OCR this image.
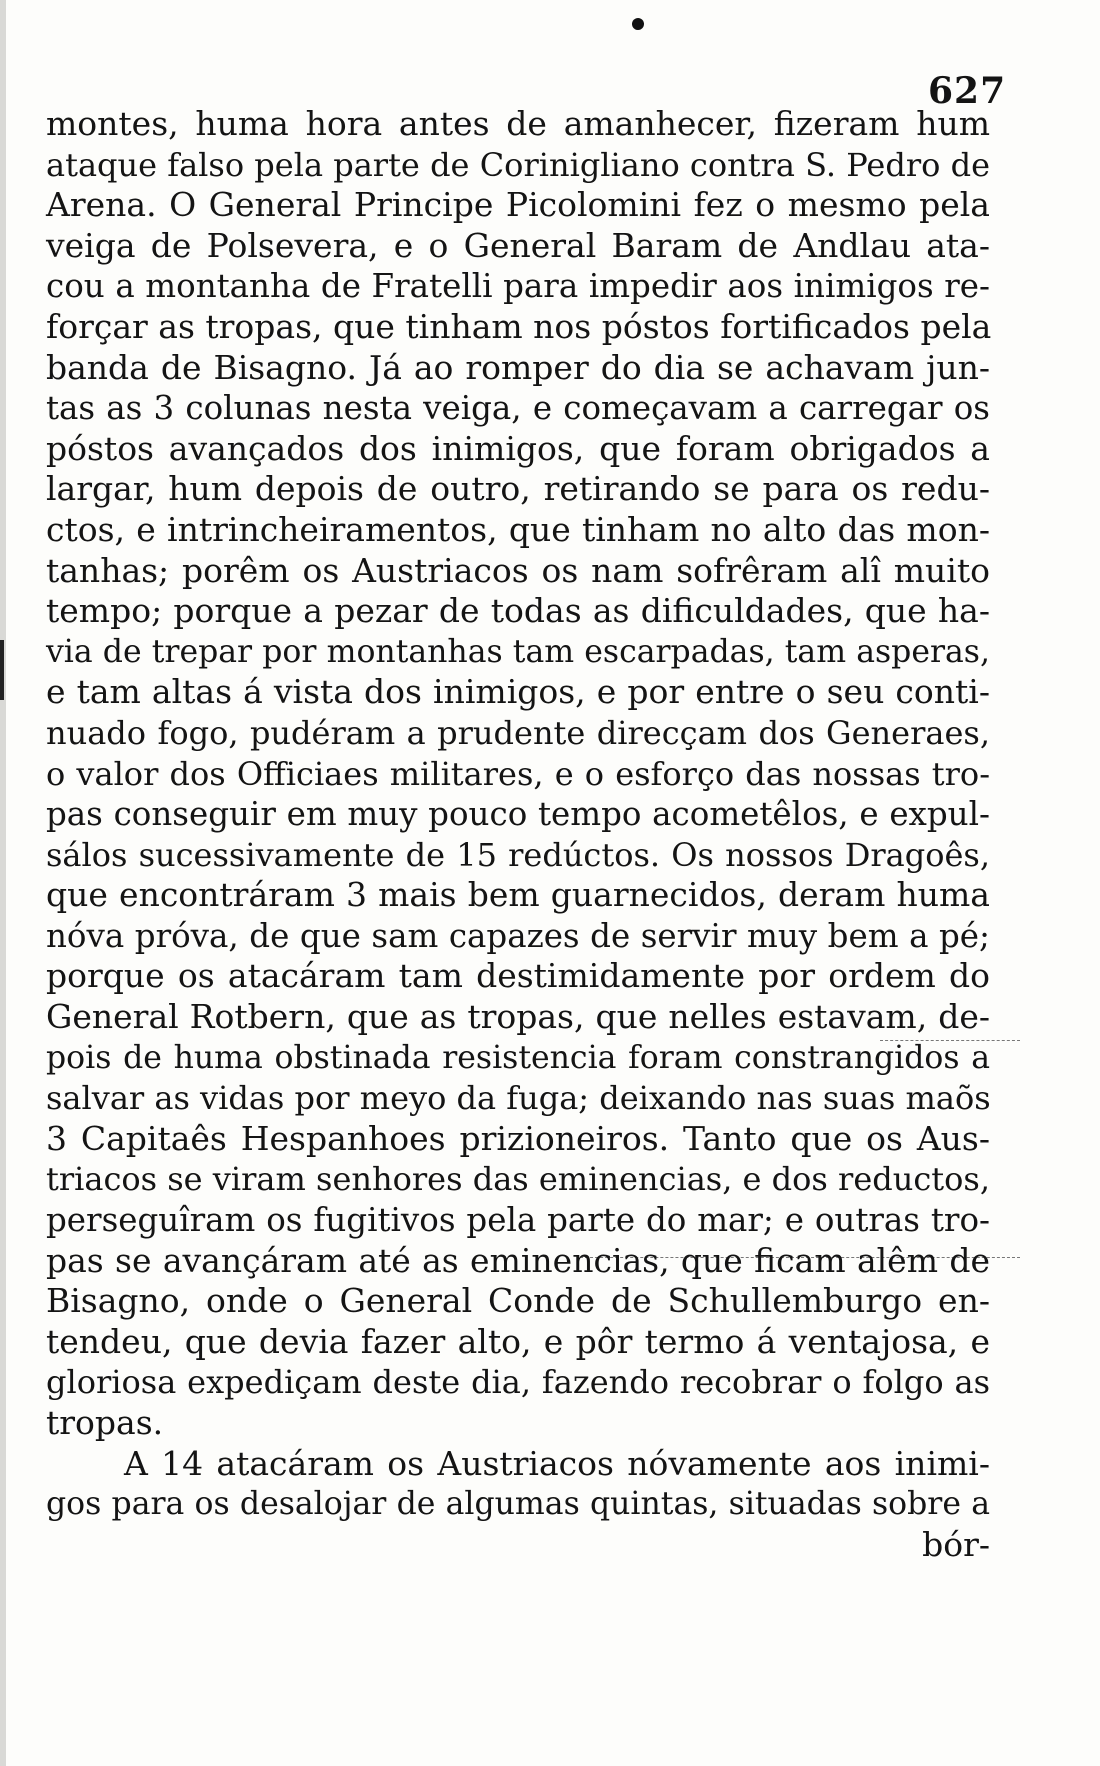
627
montes, huma hora antes de amanhecer, fizeram hum
ataque falso pela parte de Corinigliano contra S. Pedro de
Arena. O General Principe Picolomini fez o mesmo pela
veiga de Polsevera, e o General Baram de Andlau ata-
cou a montanha de Fratelli para impedir aos inimigos re-
forçar as tropas, que tinham nos póstos fortificados pela
banda de Bisagno. Já ao romper do dia se achavam jun-
tas as 3 colunas nesta veiga, e começavam a carregar os
póstos avançados dos inimigos, que foram obrigados a
largar, hum depois de outro, retirando se para os redu-
ctos, e intrincheiramentos, que tinham no alto das mon-
tanhas; porêm os Austriacos os nam sofrêram alî muito
tempo; porque a pezar de todas as dificuldades, que ha-
via de trepar por montanhas tam escarpadas, tam asperas,
e tam altas á vista dos inimigos, e por entre o seu conti-
nuado fogo, pudéram a prudente direcçam dos Generaes,
o valor dos Officiaes militares, e o esforço das nossas tro-
pas conseguir em muy pouco tempo acometêlos, e expul-
sálos sucessivamente de 15 redúctos. Os nossos Dragoês,
que encontráram 3 mais bem guarnecidos, deram huma
nóva próva, de que sam capazes de servir muy bem a pé;
porque os atacáram tam destimidamente por ordem do
General Rotbern, que as tropas, que nelles estavam, de-
pois de huma obstinada resistencia foram constrangidos a
salvar as vidas por meyo da fuga; deixando nas suas maõs
3 Capitaês Hespanhoes prizioneiros. Tanto que os Aus-
triacos se viram senhores das eminencias, e dos reductos,
perseguîram os fugitivos pela parte do mar; e outras tro-
pas se avançáram até as eminencias, que ficam alêm de
Bisagno, onde o General Conde de Schullemburgo en-
tendeu, que devia fazer alto, e pôr termo á ventajosa, e
gloriosa expediçam deste dia, fazendo recobrar o folgo as
tropas.
A 14 atacáram os Austriacos nóvamente aos inimi-
gos para os desalojar de algumas quintas, situadas sobre a
bór-
